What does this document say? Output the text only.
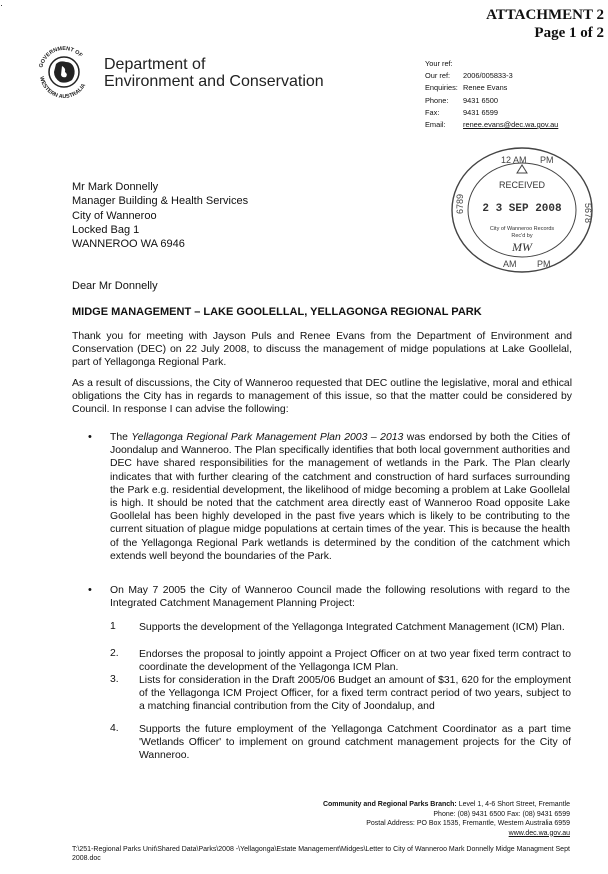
·
ATTACHMENT 2
Page 1 of 2
GOVERNMENT OF
WESTERN AUSTRALIA
Department of
Environment and Conservation
Your ref:
Our ref:	2006/005833-3
Enquiries: Renee Evans
Phone:	9431 6500
Fax:	9431 6599
Email:	renee.evans@dec.wa.gov.au
12 AM PM
6789	5678
AM PM
RECEIVED
2 3 SEP 2008
City of Wanneroo Records
Rec'd by
MW
Mr Mark Donnelly
Manager Building & Health Services
City of Wanneroo
Locked Bag 1
WANNEROO WA 6946
Dear Mr Donnelly
MIDGE MANAGEMENT – LAKE GOOLELLAL, YELLAGONGA REGIONAL PARK
Thank you for meeting with Jayson Puls and Renee Evans from the Department of Environment and Conservation (DEC) on 22 July 2008, to discuss the management of midge populations at Lake Goollelal, part of Yellagonga Regional Park.
As a result of discussions, the City of Wanneroo requested that DEC outline the legislative, moral and ethical obligations the City has in regards to management of this issue, so that the matter could be considered by Council. In response I can advise the following:
•	The Yellagonga Regional Park Management Plan 2003 – 2013 was endorsed by both the Cities of Joondalup and Wanneroo. The Plan specifically identifies that both local government authorities and DEC have shared responsibilities for the management of wetlands in the Park. The Plan clearly indicates that with further clearing of the catchment and construction of hard surfaces surrounding the Park e.g. residential development, the likelihood of midge becoming a problem at Lake Goollelal is high. It should be noted that the catchment area directly east of Wanneroo Road opposite Lake Goollelal has been highly developed in the past five years which is likely to be contributing to the current situation of plague midge populations at certain times of the year. This is because the health of the Yellagonga Regional Park wetlands is determined by the condition of the catchment which extends well beyond the boundaries of the Park.
•	On May 7 2005 the City of Wanneroo Council made the following resolutions with regard to the Integrated Catchment Management Planning Project:
1	Supports the development of the Yellagonga Integrated Catchment Management (ICM) Plan.
2.	Endorses the proposal to jointly appoint a Project Officer on at two year fixed term contract to coordinate the development of the Yellagonga ICM Plan.
3.	Lists for consideration in the Draft 2005/06 Budget an amount of $31, 620 for the employment of the Yellagonga ICM Project Officer, for a fixed term contract period of two years, subject to a matching financial contribution from the City of Joondalup, and
4.	Supports the future employment of the Yellagonga Catchment Coordinator as a part time 'Wetlands Officer' to implement on ground catchment management projects for the City of Wanneroo.
Community and Regional Parks Branch: Level 1, 4-6 Short Street, Fremantle
Phone: (08) 9431 6500 Fax: (08) 9431 6599
Postal Address: PO Box 1535, Fremantle, Western Australia 6959
www.dec.wa.gov.au
T:\251-Regional Parks Unit\Shared Data\Parks\2008 -\Yellagonga\Estate Management\Midges\Letter to City of Wanneroo Mark Donnelly Midge Managment Sept 2008.doc
